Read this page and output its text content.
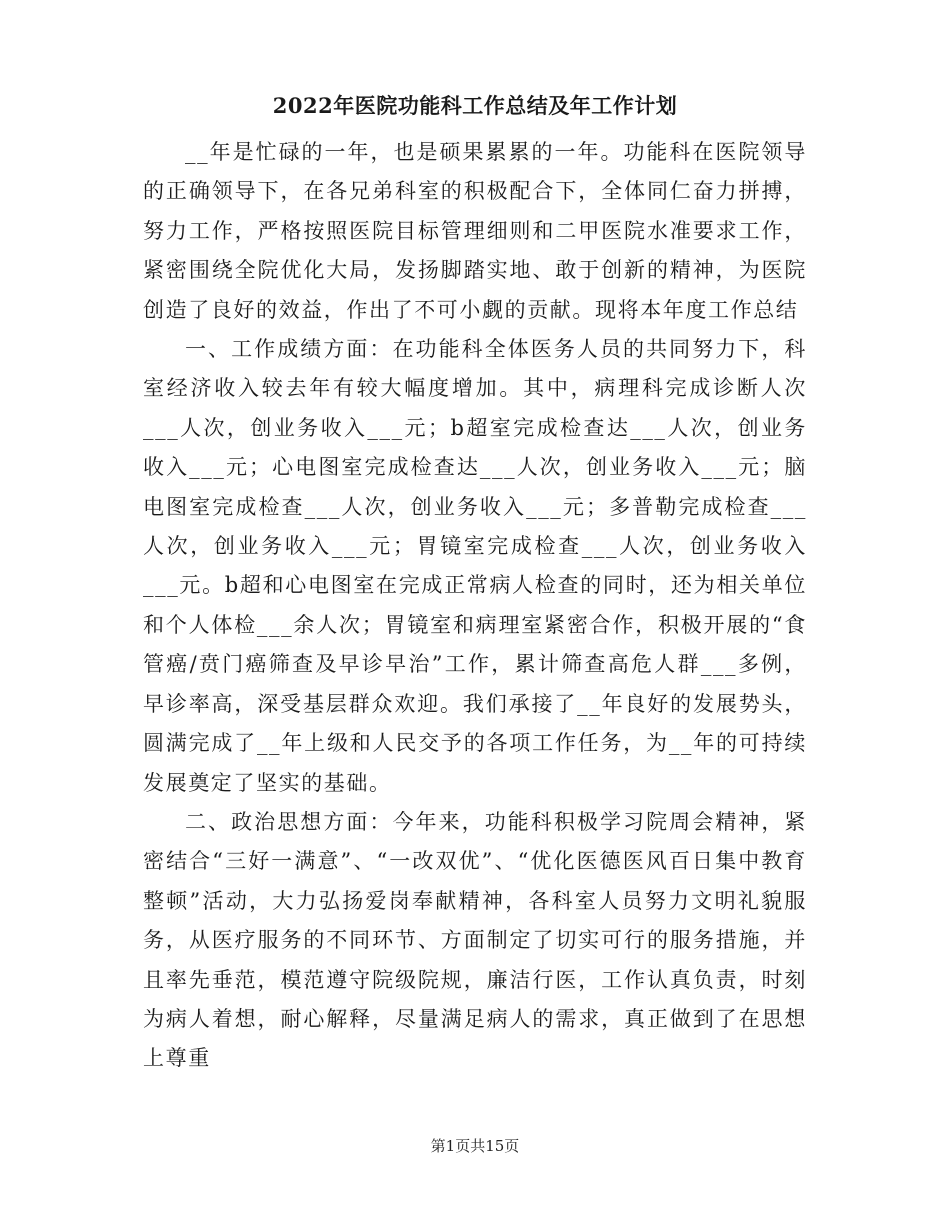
2022年医院功能科工作总结及年工作计划

__年是忙碌的一年，也是硕果累累的一年。功能科在医院领导的正确领导下，在各兄弟科室的积极配合下，全体同仁奋力拼搏，努力工作，严格按照医院目标管理细则和二甲医院水准要求工作，紧密围绕全院优化大局，发扬脚踏实地、敢于创新的精神，为医院创造了良好的效益，作出了不可小觑的贡献。现将本年度工作总结

一、工作成绩方面：在功能科全体医务人员的共同努力下，科室经济收入较去年有较大幅度增加。其中，病理科完成诊断人次___人次，创业务收入___元；b超室完成检查达___人次，创业务收入___元；心电图室完成检查达___人次，创业务收入___元；脑电图室完成检查___人次，创业务收入___元；多普勒完成检查___人次，创业务收入___元；胃镜室完成检查___人次，创业务收入___元。b超和心电图室在完成正常病人检查的同时，还为相关单位和个人体检___余人次；胃镜室和病理室紧密合作，积极开展的“食管癌/贲门癌筛查及早诊早治”工作，累计筛查高危人群___多例，早诊率高，深受基层群众欢迎。我们承接了__年良好的发展势头，圆满完成了__年上级和人民交予的各项工作任务，为__年的可持续发展奠定了坚实的基础。

二、政治思想方面：今年来，功能科积极学习院周会精神，紧密结合“三好一满意”、“一改双优”、“优化医德医风百日集中教育整顿”活动，大力弘扬爱岗奉献精神，各科室人员努力文明礼貌服务，从医疗服务的不同环节、方面制定了切实可行的服务措施，并且率先垂范，模范遵守院级院规，廉洁行医，工作认真负责，时刻为病人着想，耐心解释，尽量满足病人的需求，真正做到了在思想上尊重

第1页共15页
